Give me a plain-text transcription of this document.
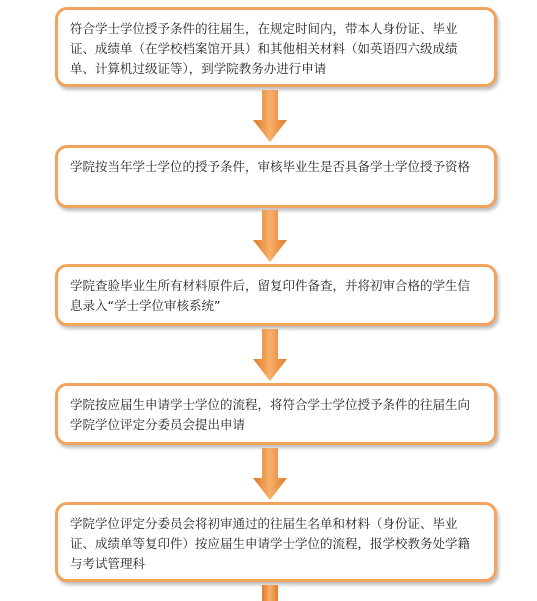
符合学士学位授予条件的往届生，在规定时间内，带本人身份证、毕业证、成绩单（在学校档案馆开具）和其他相关材料（如英语四六级成绩单、计算机过级证等），到学院教务办进行申请
学院按当年学士学位的授予条件，审核毕业生是否具备学士学位授予资格
学院查验毕业生所有材料原件后，留复印件备查，并将初审合格的学生信息录入“学士学位审核系统”
学院按应届生申请学士学位的流程，将符合学士学位授予条件的往届生向学院学位评定分委员会提出申请
学院学位评定分委员会将初审通过的往届生名单和材料（身份证、毕业证、成绩单等复印件）按应届生申请学士学位的流程，报学校教务处学籍与考试管理科
